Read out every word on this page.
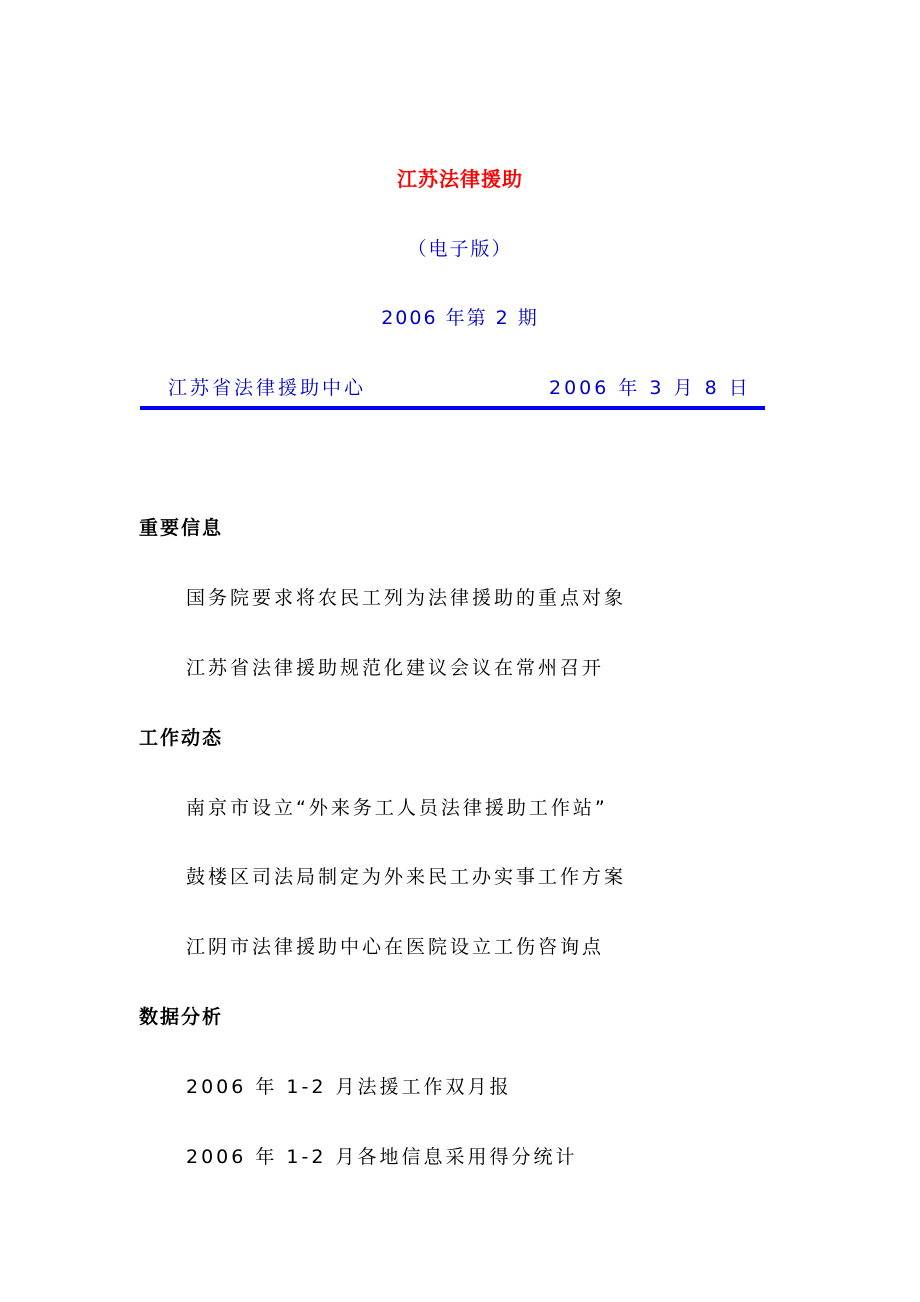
江苏法律援助
（电子版）
2006 年第 2 期
江苏省法律援助中心	2006 年 3 月 8 日
重要信息
国务院要求将农民工列为法律援助的重点对象
江苏省法律援助规范化建议会议在常州召开
工作动态
南京市设立“外来务工人员法律援助工作站”
鼓楼区司法局制定为外来民工办实事工作方案
江阴市法律援助中心在医院设立工伤咨询点
数据分析
2006 年 1-2 月法援工作双月报
2006 年 1-2 月各地信息采用得分统计
